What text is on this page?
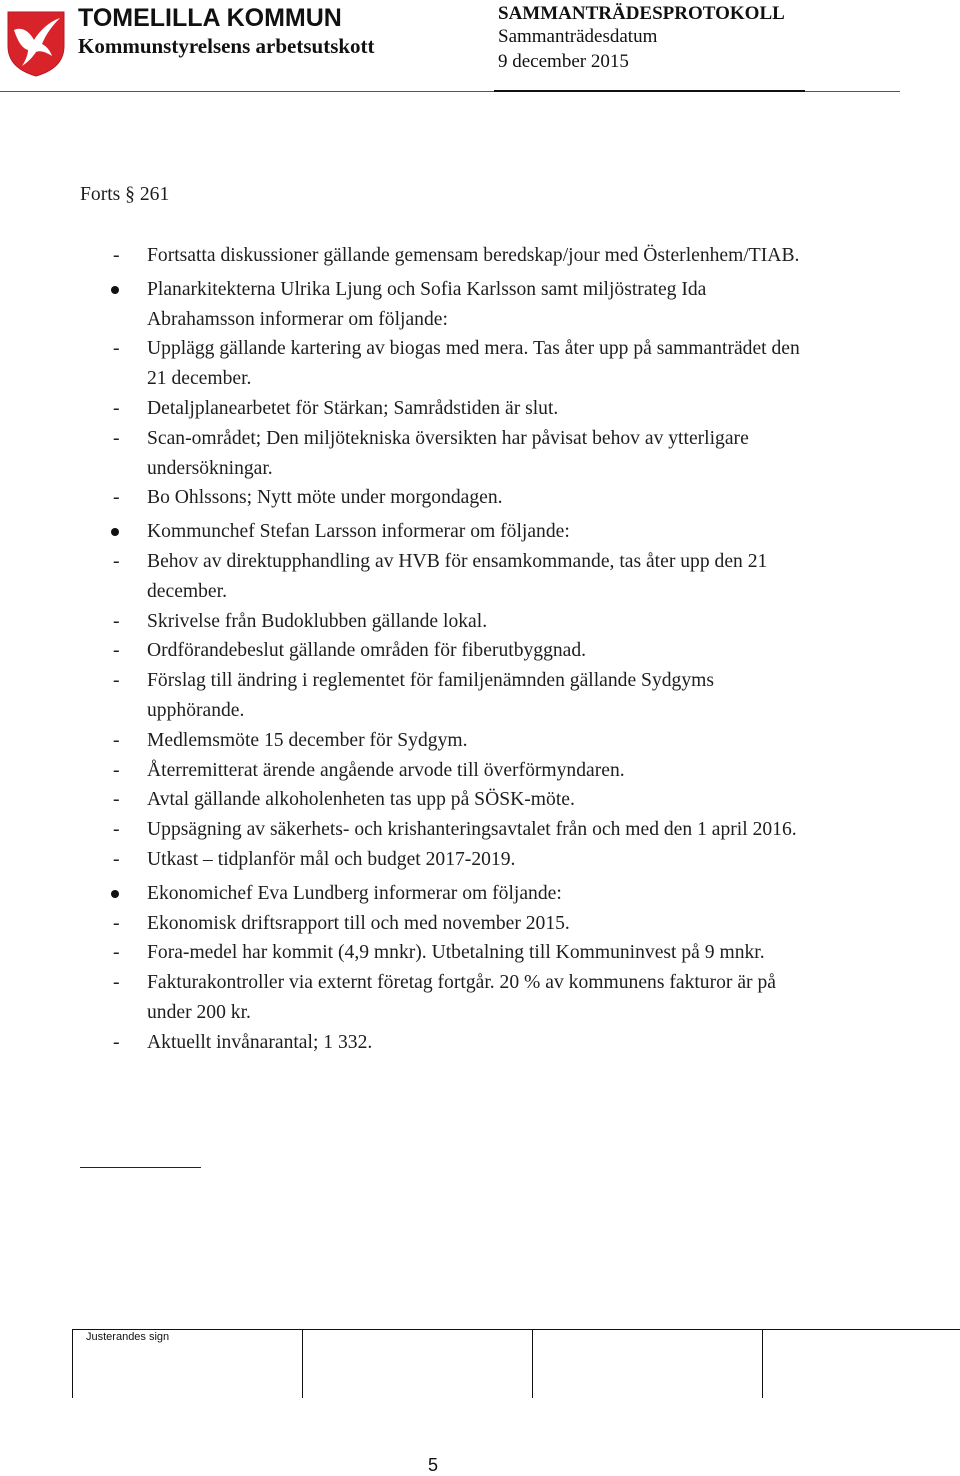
TOMELILLA KOMMUN
Kommunstyrelsens arbetsutskott
SAMMANTRÄDESPROTOKOLL
Sammanträdesdatum
9 december 2015
Forts § 261
Fortsatta diskussioner gällande gemensam beredskap/jour med Österlenhem/TIAB.
Planarkitekterna Ulrika Ljung och Sofia Karlsson samt miljöstrateg Ida Abrahamsson informerar om följande:
Upplägg gällande kartering av biogas med mera. Tas åter upp på sammanträdet den 21 december.
Detaljplanearbetet för Stärkan; Samrådstiden är slut.
Scan-området; Den miljötekniska översikten har påvisat behov av ytterligare undersökningar.
Bo Ohlssons; Nytt möte under morgondagen.
Kommunchef Stefan Larsson informerar om följande:
Behov av direktupphandling av HVB för ensamkommande, tas åter upp den 21 december.
Skrivelse från Budoklubben gällande lokal.
Ordförandebeslut gällande områden för fiberutbyggnad.
Förslag till ändring i reglementet för familjenämnden gällande Sydgyms upphörande.
Medlemsmöte 15 december för Sydgym.
Återremitterat ärende angående arvode till överförmyndaren.
Avtal gällande alkoholenheten tas upp på SÖSK-möte.
Uppsägning av säkerhets- och krishanteringsavtalet från och med den 1 april 2016.
Utkast – tidplanför mål och budget 2017-2019.
Ekonomichef Eva Lundberg informerar om följande:
Ekonomisk driftsrapport till och med november 2015.
Fora-medel har kommit (4,9 mnkr). Utbetalning till Kommuninvest på 9 mnkr.
Fakturakontroller via externt företag fortgår. 20 % av kommunens fakturor är på under 200 kr.
Aktuellt invånarantal; 1 332.
Justerandes sign
5
